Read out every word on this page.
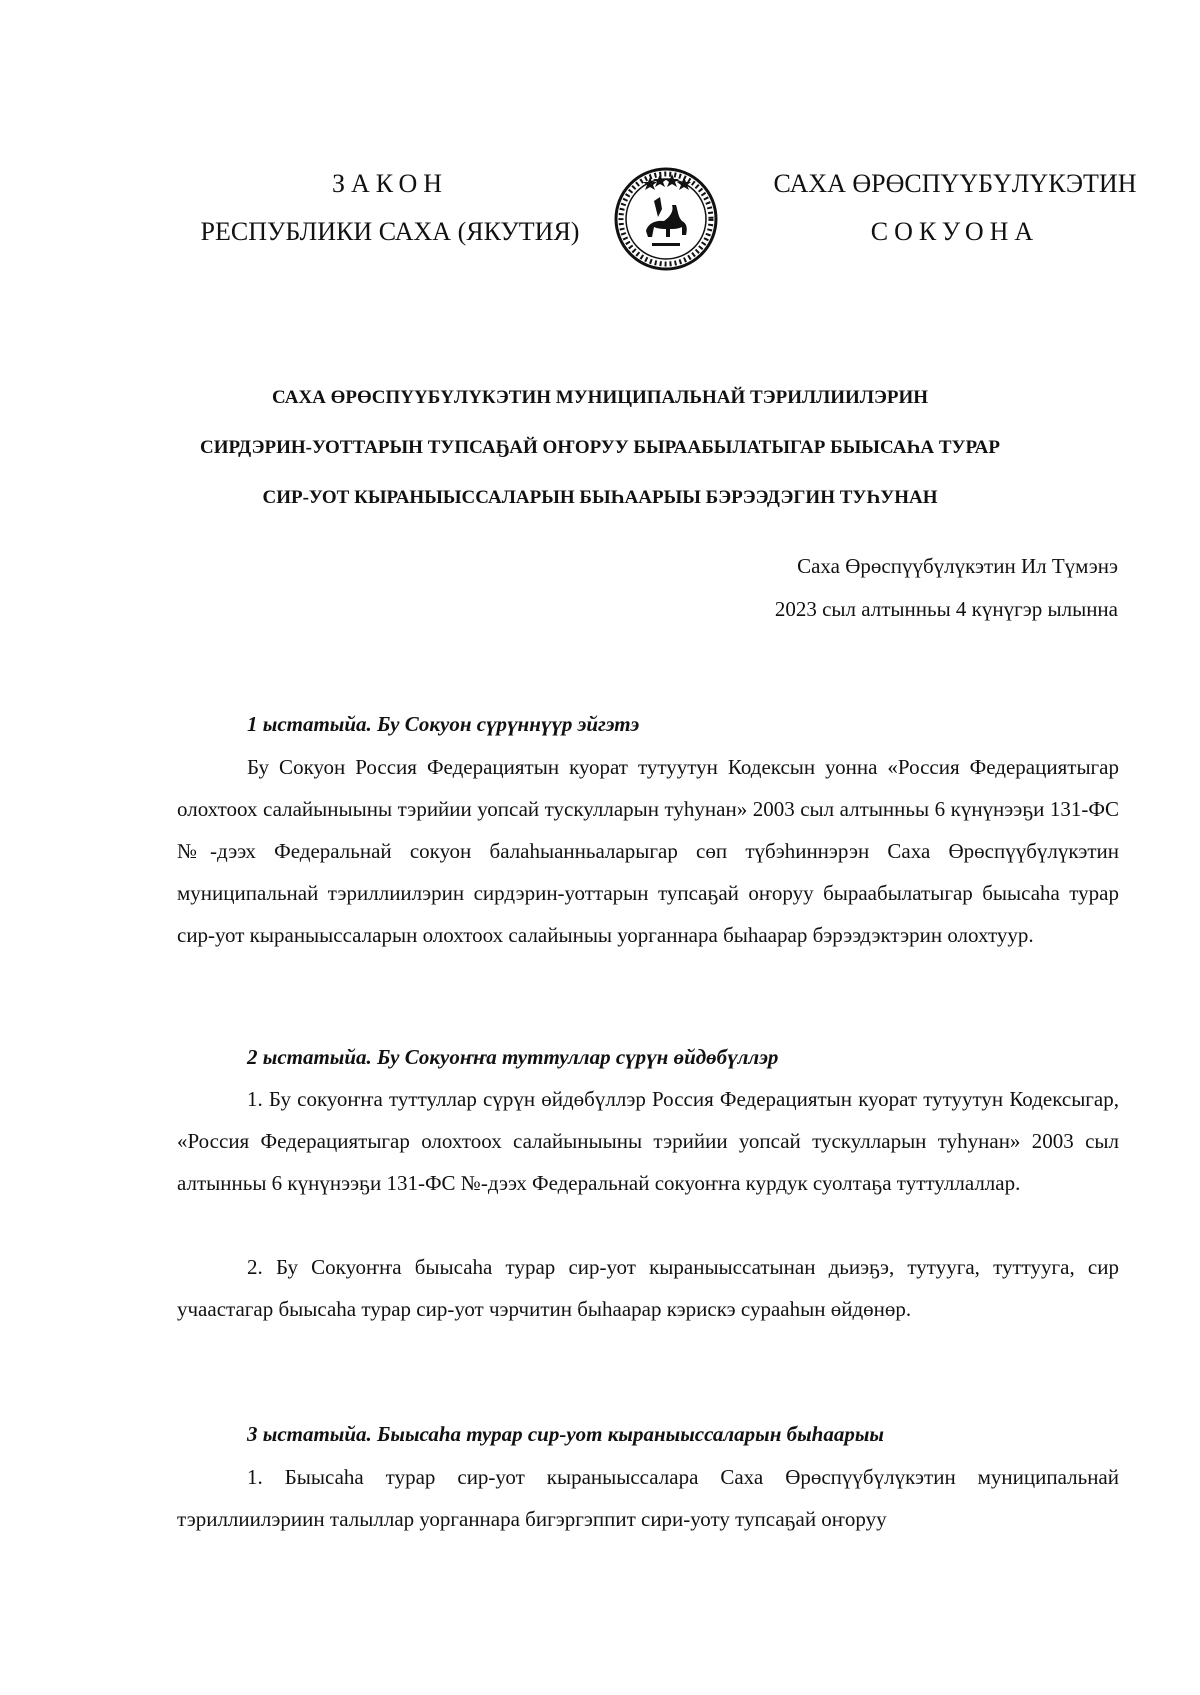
ЗАКОН
РЕСПУБЛИКИ САХА (ЯКУТИЯ)
САХА ӨРӨСПҮҮБҮЛҮКЭТИН
СОКУОНА
САХА ӨРӨСПҮҮБҮЛҮКЭТИН МУНИЦИПАЛЬНАЙ ТЭРИЛЛИИЛЭРИН
СИРДЭРИН-УОТТАРЫН ТУПСАҔАЙ ОҤОРУУ БЫРААБЫЛАТЫГАР БЫЫСАҺА ТУРАР
СИР-УОТ КЫРАНЫЫССАЛАРЫН БЫҺААРЫЫ БЭРЭЭДЭГИН ТУҺУНАН
Саха Өрөспүүбүлүкэтин Ил Түмэнэ
2023 сыл алтынньы 4 күнүгэр ылынна
1 ыстатыйа. Бу Сокуон сүрүннүүр эйгэтэ
Бу Сокуон Россия Федерациятын куорат тутуутун Кодексын уонна «Россия Федерациятыгар олохтоох салайыныыны тэрийии уопсай тускулларын туһунан» 2003 сыл алтынньы 6 күнүнээҕи 131-ФС №-дээх Федеральнай сокуон балаһыанньаларыгар сөп түбэһиннэрэн Саха Өрөспүүбүлүкэтин муниципальнай тэриллиилэрин сирдэрин-уоттарын тупсаҕай оҥоруу быраабылатыгар быысаһа турар сир-уот кыраныыссаларын олохтоох салайыныы уорганнара быһаарар бэрээдэктэрин олохтуур.
2 ыстатыйа. Бу Сокуоҥҥа туттуллар сүрүн өйдөбүллэр
1. Бу сокуоҥҥа туттуллар сүрүн өйдөбүллэр Россия Федерациятын куорат тутуутун Кодексыгар, «Россия Федерациятыгар олохтоох салайыныыны тэрийии уопсай тускулларын туһунан» 2003 сыл алтынньы 6 күнүнээҕи 131-ФС №-дээх Федеральнай сокуоҥҥа курдук суолтаҕа туттуллаллар.
2. Бу Сокуоҥҥа быысаһа турар сир-уот кыраныыссатынан дьиэҕэ, тутууга, туттууга, сир учаастагар быысаһа турар сир-уот чэрчитин быһаарар кэрискэ сурааһын өйдөнөр.
3 ыстатыйа. Быысаһа турар сир-уот кыраныыссаларын быһаарыы
1. Быысаһа турар сир-уот кыраныыссалара Саха Өрөспүүбүлүкэтин муниципальнай тэриллиилэриин талыллар уорганнара бигэргэппит сири-уоту тупсаҕай оҥоруу
